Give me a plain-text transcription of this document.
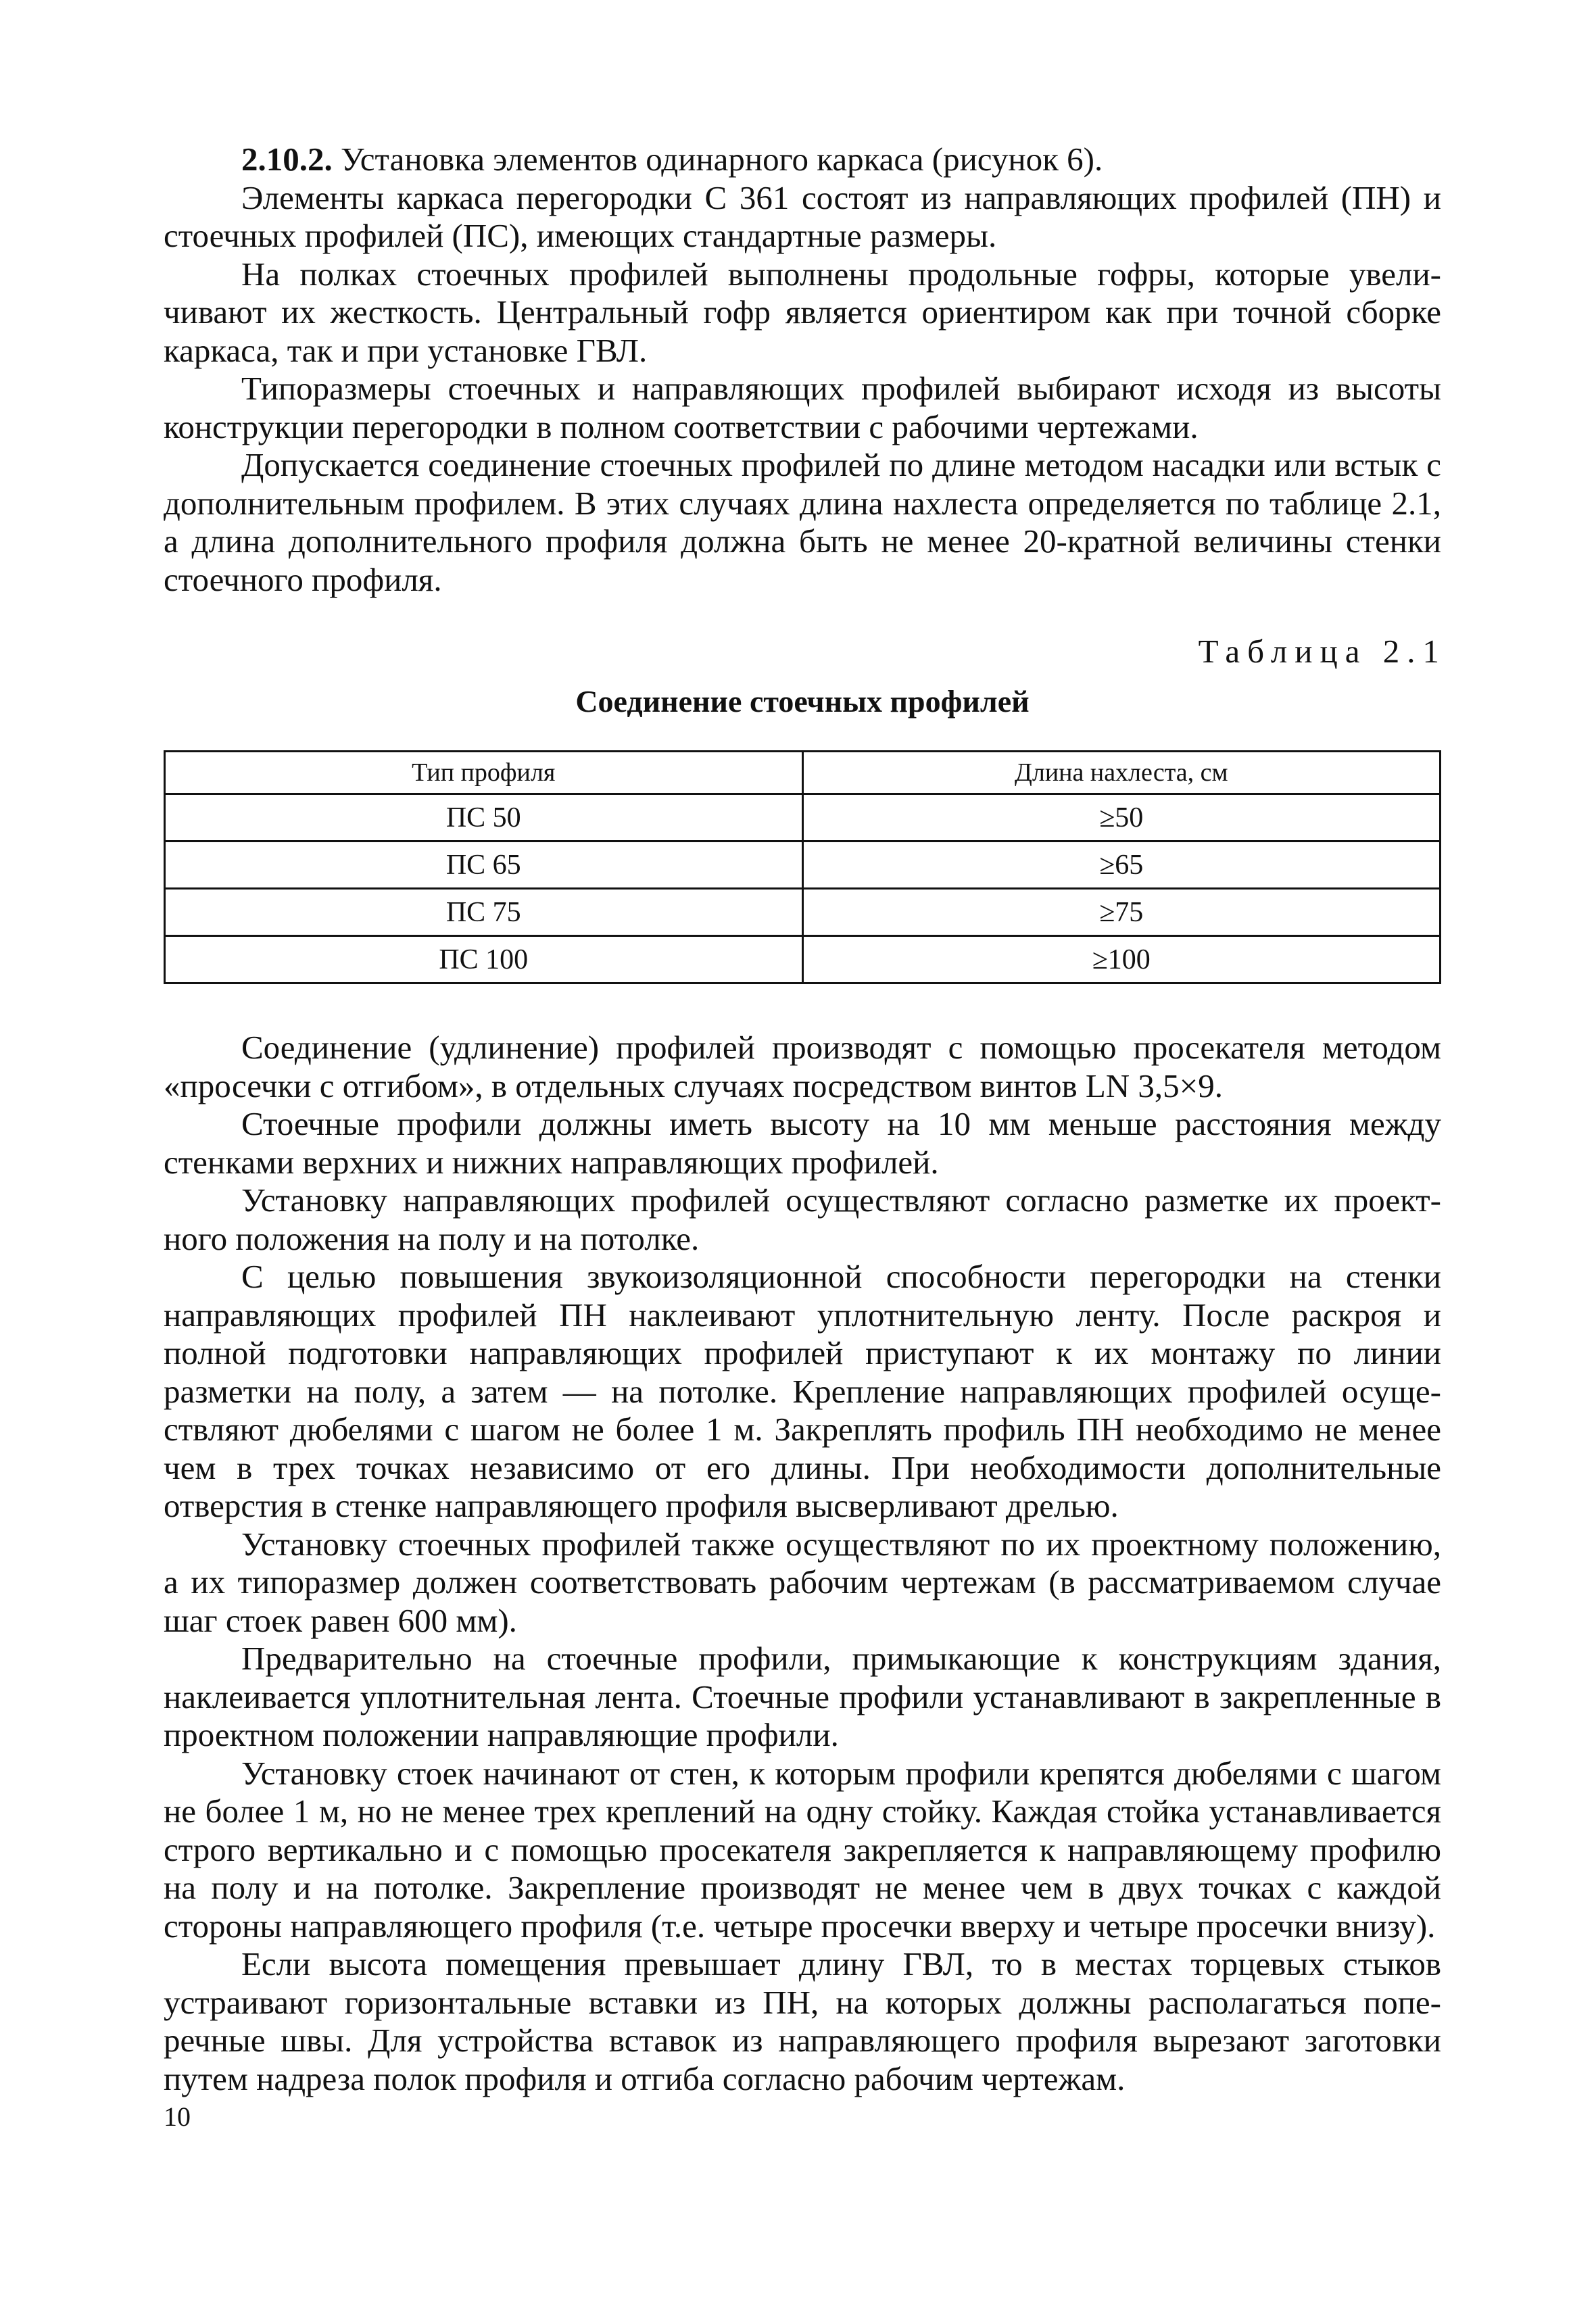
2.10.2. Установка элементов одинарного каркаса (рисунок 6).

Элементы каркаса перегородки С 361 состоят из направляющих профилей (ПН) и стоечных профилей (ПС), имеющих стандартные размеры.

На полках стоечных профилей выполнены продольные гофры, которые увеличивают их жесткость. Центральный гофр является ориентиром как при точной сборке каркаса, так и при установке ГВЛ.

Типоразмеры стоечных и направляющих профилей выбирают исходя из высоты конструкции перегородки в полном соответствии с рабочими чертежами.

Допускается соединение стоечных профилей по длине методом насадки или встык с дополнительным профилем. В этих случаях длина нахлеста определяется по таблице 2.1, а длина дополнительного профиля должна быть не менее 20-кратной величины стенки стоечного профиля.

Таблица 2.1
Соединение стоечных профилей
Тип профиля	Длина нахлеста, см
ПС 50	≥50
ПС 65	≥65
ПС 75	≥75
ПС 100	≥100

Соединение (удлинение) профилей производят с помощью просекателя методом «просечки с отгибом», в отдельных случаях посредством винтов LN 3,5×9.

Стоечные профили должны иметь высоту на 10 мм меньше расстояния между стенками верхних и нижних направляющих профилей.

Установку направляющих профилей осуществляют согласно разметке их проектного положения на полу и на потолке.

С целью повышения звукоизоляционной способности перегородки на стенки направляющих профилей ПН наклеивают уплотнительную ленту. После раскроя и полной подготовки направляющих профилей приступают к их монтажу по линии разметки на полу, а затем — на потолке. Крепление направляющих профилей осуществляют дюбелями с шагом не более 1 м. Закреплять профиль ПН необходимо не менее чем в трех точках независимо от его длины. При необходимости дополнительные отверстия в стенке направляющего профиля высверливают дрелью.

Установку стоечных профилей также осуществляют по их проектному положению, а их типоразмер должен соответствовать рабочим чертежам (в рассматриваемом случае шаг стоек равен 600 мм).

Предварительно на стоечные профили, примыкающие к конструкциям здания, наклеивается уплотнительная лента. Стоечные профили устанавливают в закрепленные в проектном положении направляющие профили.

Установку стоек начинают от стен, к которым профили крепятся дюбелями с шагом не более 1 м, но не менее трех креплений на одну стойку. Каждая стойка устанавливается строго вертикально и с помощью просекателя закрепляется к направляющему профилю на полу и на потолке. Закрепление производят не менее чем в двух точках с каждой стороны направляющего профиля (т.е. четыре просечки вверху и четыре просечки внизу).

Если высота помещения превышает длину ГВЛ, то в местах торцевых стыков устраивают горизонтальные вставки из ПН, на которых должны располагаться поперечные швы. Для устройства вставок из направляющего профиля вырезают заготовки путем надреза полок профиля и отгиба согласно рабочим чертежам.

10
